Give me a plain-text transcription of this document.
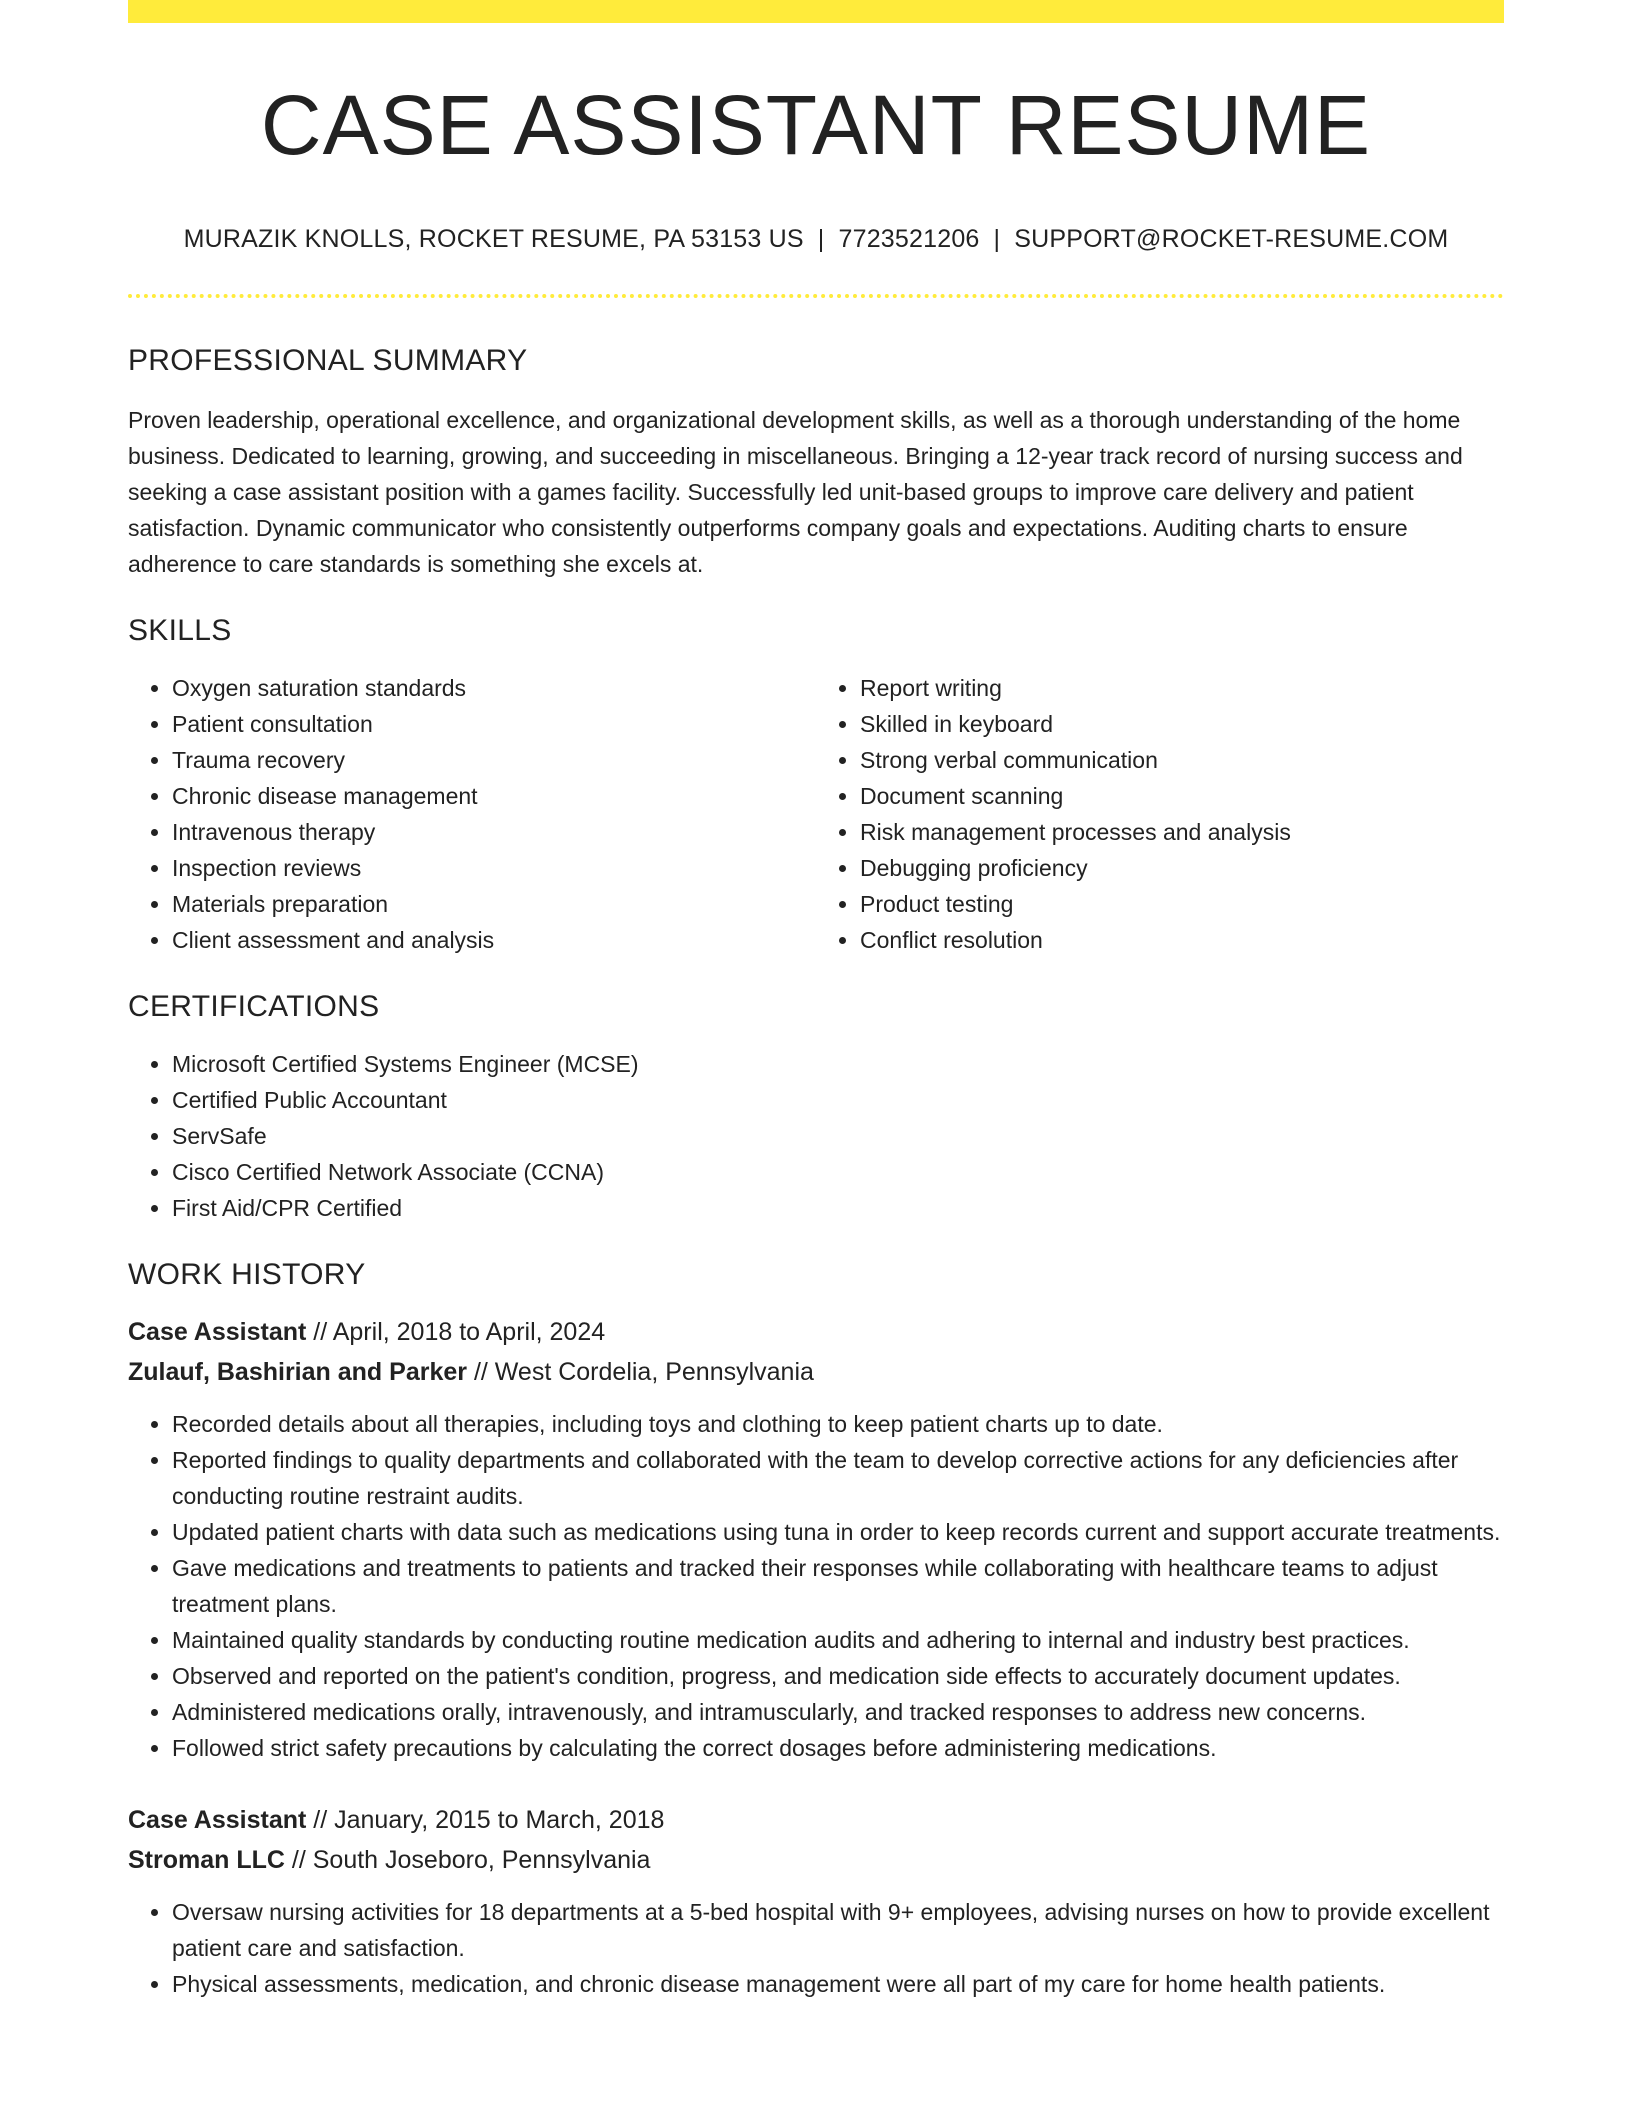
CASE ASSISTANT RESUME
MURAZIK KNOLLS, ROCKET RESUME, PA 53153 US | 7723521206 | SUPPORT@ROCKET-RESUME.COM
PROFESSIONAL SUMMARY

Proven leadership, operational excellence, and organizational development skills, as well as a thorough understanding of the home business. Dedicated to learning, growing, and succeeding in miscellaneous. Bringing a 12-year track record of nursing success and seeking a case assistant position with a games facility. Successfully led unit-based groups to improve care delivery and patient satisfaction. Dynamic communicator who consistently outperforms company goals and expectations. Auditing charts to ensure adherence to care standards is something she excels at.

SKILLS
• Oxygen saturation standards
• Patient consultation
• Trauma recovery
• Chronic disease management
• Intravenous therapy
• Inspection reviews
• Materials preparation
• Client assessment and analysis
• Report writing
• Skilled in keyboard
• Strong verbal communication
• Document scanning
• Risk management processes and analysis
• Debugging proficiency
• Product testing
• Conflict resolution
CERTIFICATIONS
• Microsoft Certified Systems Engineer (MCSE)
• Certified Public Accountant
• ServSafe
• Cisco Certified Network Associate (CCNA)
• First Aid/CPR Certified
WORK HISTORY
Case Assistant // April, 2018 to April, 2024
Zulauf, Bashirian and Parker // West Cordelia, Pennsylvania
• Recorded details about all therapies, including toys and clothing to keep patient charts up to date.
• Reported findings to quality departments and collaborated with the team to develop corrective actions for any deficiencies after conducting routine restraint audits.
• Updated patient charts with data such as medications using tuna in order to keep records current and support accurate treatments.
• Gave medications and treatments to patients and tracked their responses while collaborating with healthcare teams to adjust treatment plans.
• Maintained quality standards by conducting routine medication audits and adhering to internal and industry best practices.
• Observed and reported on the patient's condition, progress, and medication side effects to accurately document updates.
• Administered medications orally, intravenously, and intramuscularly, and tracked responses to address new concerns.
• Followed strict safety precautions by calculating the correct dosages before administering medications.
Case Assistant // January, 2015 to March, 2018
Stroman LLC // South Joseboro, Pennsylvania
• Oversaw nursing activities for 18 departments at a 5-bed hospital with 9+ employees, advising nurses on how to provide excellent patient care and satisfaction.
• Physical assessments, medication, and chronic disease management were all part of my care for home health patients.
